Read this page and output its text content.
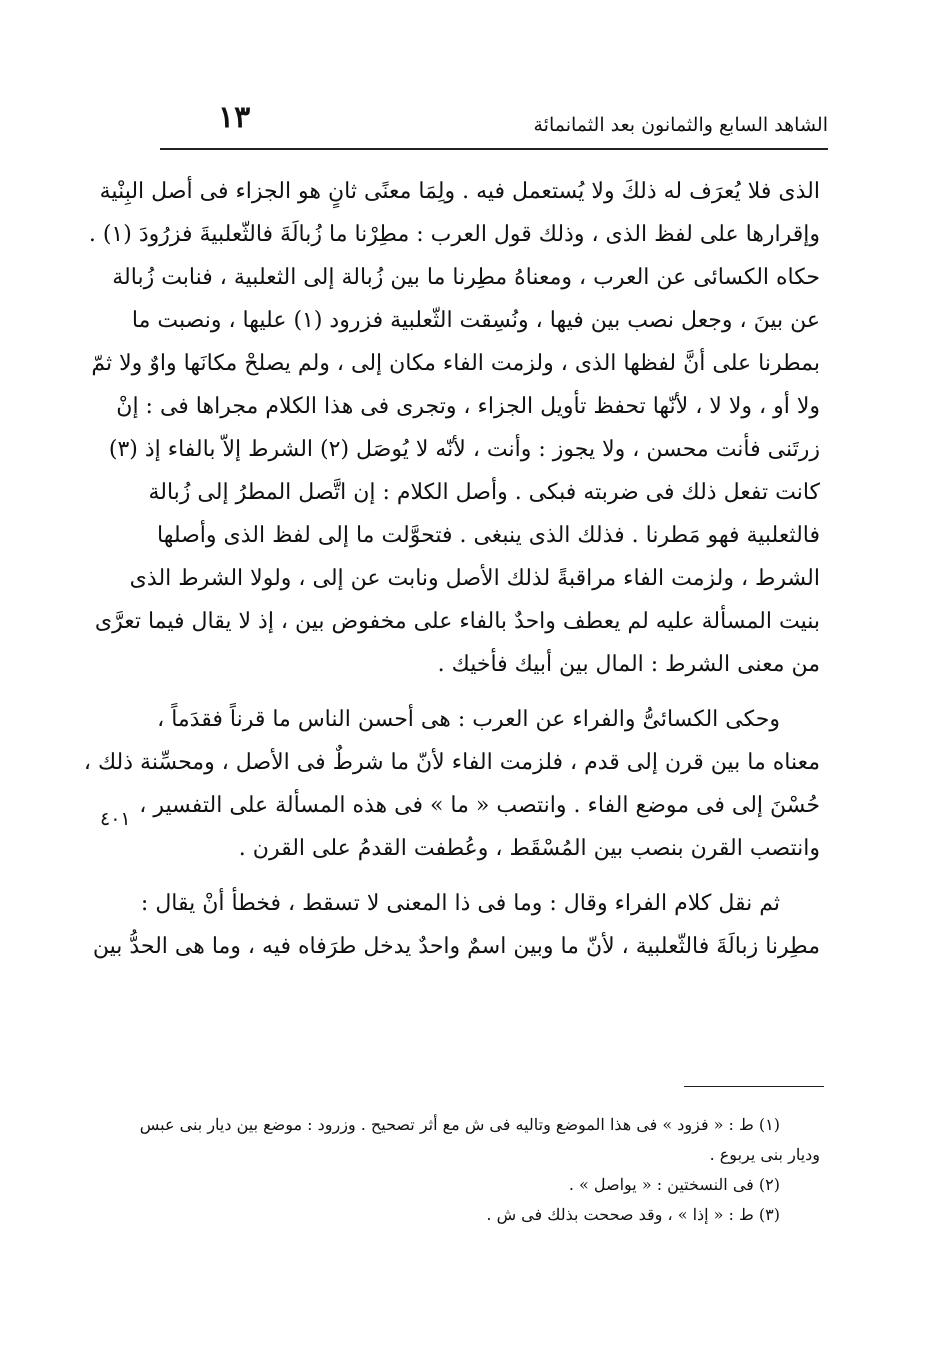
الشاهد السابع والثمانون بعد الثمانمائة
١٣
٤٠١
الذى فلا يُعرَف له ذلكَ ولا يُستعمل فيه . ولِمَا معنًى ثانٍ هو الجزاء فى أصل البِنْية
وإقرارها على لفظ الذى ، وذلك قول العرب : مطِرْنا ما زُبالَةَ فالثّعلبيةَ فزرُودَ (١) .
حكاه الكسائى عن العرب ، ومعناهُ مطِرنا ما بين زُبالة إلى الثعلبية ، فنابت زُبالة
عن بينَ ، وجعل نصب بين فيها ، ونُسِقت الثّعلبية فزرود (١) عليها ، ونصبت ما
بمطرنا على أنَّ لفظها الذى ، ولزمت الفاء مكان إلى ، ولم يصلحْ مكانَها واوٌ ولا ثمّ
ولا أو ، ولا لا ، لأنّها تحفظ تأويل الجزاء ، وتجرى فى هذا الكلام مجراها فى : إنْ
زرتَنى فأنت محسن ، ولا يجوز : وأنت ، لأنّه لا يُوصَل (٢) الشرط إلاّ بالفاء إذ (٣)
كانت تفعل ذلك فى ضربته فبكى . وأصل الكلام : إن اتَّصل المطرُ إلى زُبالة
فالثعلبية فهو مَطرنا . فذلك الذى ينبغى . فتحوَّلت ما إلى لفظ الذى وأصلها
الشرط ، ولزمت الفاء مراقبةً لذلك الأصل ونابت عن إلى ، ولولا الشرط الذى
بنيت المسألة عليه لم يعطف واحدٌ بالفاء على مخفوض بين ، إذ لا يقال فيما تعرَّى
من معنى الشرط : المال بين أبيك فأخيك .
وحكى الكسائىُّ والفراء عن العرب : هى أحسن الناس ما قرناً فقدَماً ،
معناه ما بين قرن إلى قدم ، فلزمت الفاء لأنّ ما شرطٌ فى الأصل ، ومحسِّنة ذلك ،
حُسْنَ إلى فى موضع الفاء . وانتصب « ما » فى هذه المسألة على التفسير ،
وانتصب القرن بنصب بين المُسْقَط ، وعُطفت القدمُ على القرن .
ثم نقل كلام الفراء وقال : وما فى ذا المعنى لا تسقط ، فخطأ أنْ يقال :
مطِرنا زبالَةَ فالثّعلبية ، لأنّ ما وبين اسمٌ واحدٌ يدخل طرَفاه فيه ، وما هى الحدُّ بين
(١) ط : « فزود » فى هذا الموضع وتاليه فى ش مع أثر تصحيح . وزرود : موضع بين ديار بنى عبس
وديار بنى يربوع .
(٢) فى النسختين : « يواصل » .
(٣) ط : « إذا » ، وقد صححت بذلك فى ش .
